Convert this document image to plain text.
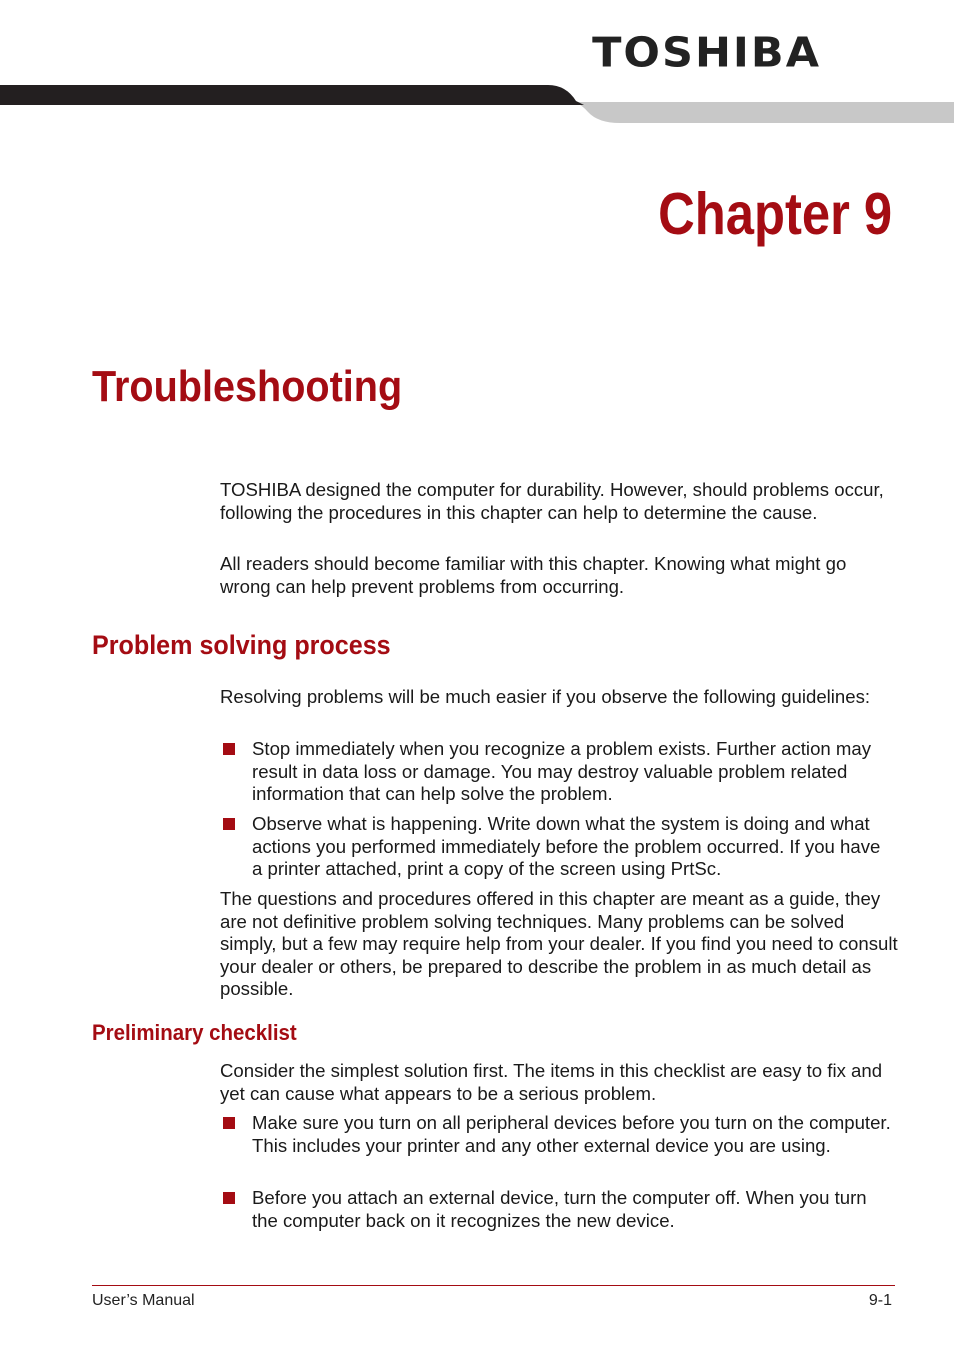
TOSHIBA
Chapter 9
Troubleshooting

TOSHIBA designed the computer for durability. However, should problems occur, following the procedures in this chapter can help to determine the cause.

All readers should become familiar with this chapter. Knowing what might go wrong can help prevent problems from occurring.

Problem solving process

Resolving problems will be much easier if you observe the following guidelines:

Stop immediately when you recognize a problem exists. Further action may result in data loss or damage. You may destroy valuable problem related information that can help solve the problem.
Observe what is happening. Write down what the system is doing and what actions you performed immediately before the problem occurred. If you have a printer attached, print a copy of the screen using PrtSc.

The questions and procedures offered in this chapter are meant as a guide, they are not definitive problem solving techniques. Many problems can be solved simply, but a few may require help from your dealer. If you find you need to consult your dealer or others, be prepared to describe the problem in as much detail as possible.

Preliminary checklist

Consider the simplest solution first. The items in this checklist are easy to fix and yet can cause what appears to be a serious problem.

Make sure you turn on all peripheral devices before you turn on the computer. This includes your printer and any other external device you are using.
Before you attach an external device, turn the computer off. When you turn the computer back on it recognizes the new device.
User’s Manual	9-1
